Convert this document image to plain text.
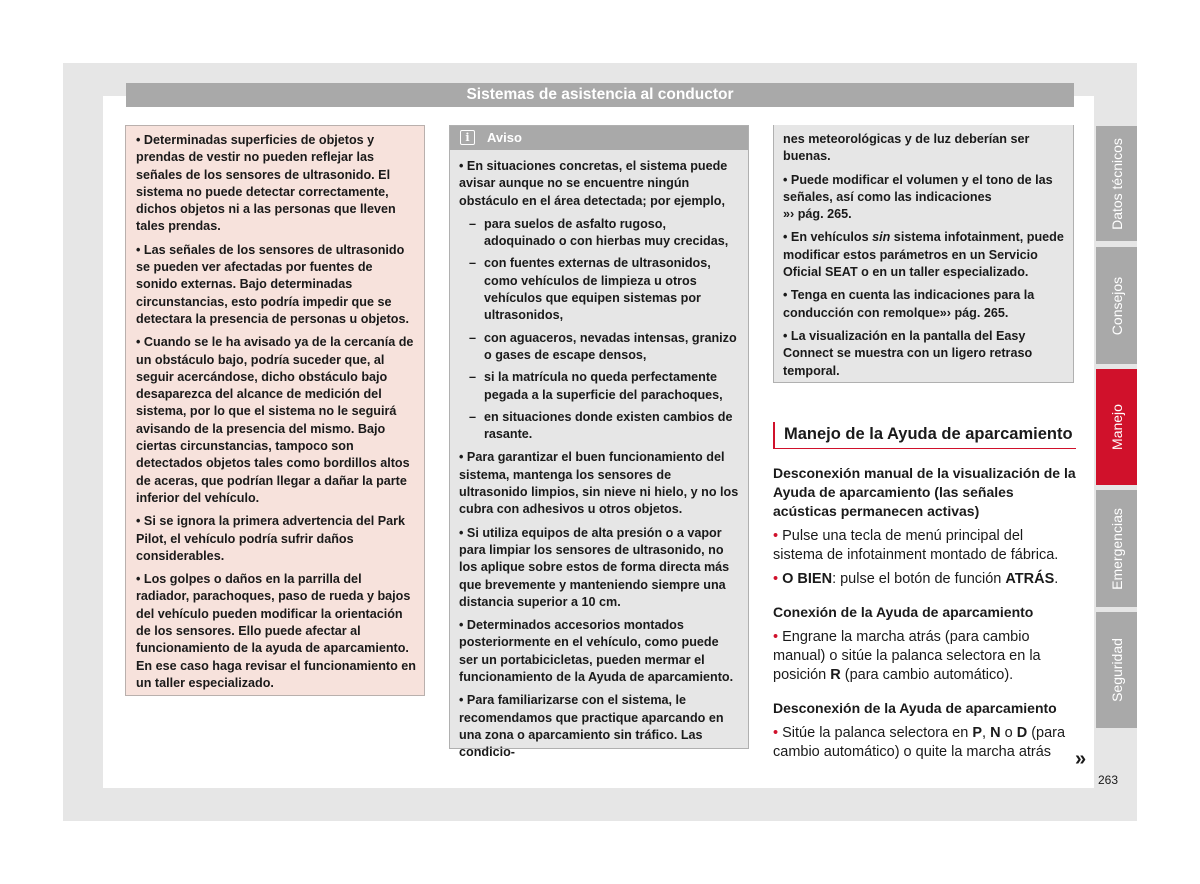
Sistemas de asistencia al conductor

• Determinadas superficies de objetos y prendas de vestir no pueden reflejar las señales de los sensores de ultrasonido. El sistema no puede detectar correctamente, dichos objetos ni a las personas que lleven tales prendas.

• Las señales de los sensores de ultrasonido se pueden ver afectadas por fuentes de sonido externas. Bajo determinadas circunstancias, esto podría impedir que se detectara la presencia de personas u objetos.

• Cuando se le ha avisado ya de la cercanía de un obstáculo bajo, podría suceder que, al seguir acercándose, dicho obstáculo bajo desaparezca del alcance de medición del sistema, por lo que el sistema no le seguirá avisando de la presencia del mismo. Bajo ciertas circunstancias, tampoco son detectados objetos tales como bordillos altos de aceras, que podrían llegar a dañar la parte inferior del vehículo.

• Si se ignora la primera advertencia del Park Pilot, el vehículo podría sufrir daños considerables.

• Los golpes o daños en la parrilla del radiador, parachoques, paso de rueda y bajos del vehículo pueden modificar la orientación de los sensores. Ello puede afectar al funcionamiento de la ayuda de aparcamiento. En ese caso haga revisar el funcionamiento en un taller especializado.

i Aviso

• En situaciones concretas, el sistema puede avisar aunque no se encuentre ningún obstáculo en el área detectada; por ejemplo,

– para suelos de asfalto rugoso, adoquinado o con hierbas muy crecidas,
– con fuentes externas de ultrasonidos, como vehículos de limpieza u otros vehículos que equipen sistemas por ultrasonidos,
– con aguaceros, nevadas intensas, granizo o gases de escape densos,
– si la matrícula no queda perfectamente pegada a la superficie del parachoques,
– en situaciones donde existen cambios de rasante.

• Para garantizar el buen funcionamiento del sistema, mantenga los sensores de ultrasonido limpios, sin nieve ni hielo, y no los cubra con adhesivos u otros objetos.

• Si utiliza equipos de alta presión o a vapor para limpiar los sensores de ultrasonido, no los aplique sobre estos de forma directa más que brevemente y manteniendo siempre una distancia superior a 10 cm.

• Determinados accesorios montados posteriormente en el vehículo, como puede ser un portabicicletas, pueden mermar el funcionamiento de la Ayuda de aparcamiento.

• Para familiarizarse con el sistema, le recomendamos que practique aparcando en una zona o aparcamiento sin tráfico. Las condicio-

nes meteorológicas y de luz deberían ser buenas.

• Puede modificar el volumen y el tono de las señales, así como las indicaciones
»› pág. 265.

• En vehículos sin sistema infotainment, puede modificar estos parámetros en un Servicio Oficial SEAT o en un taller especializado.

• Tenga en cuenta las indicaciones para la conducción con remolque»› pág. 265.

• La visualización en la pantalla del Easy Connect se muestra con un ligero retraso temporal.

Manejo de la Ayuda de aparcamiento
Desconexión manual de la visualización de la Ayuda de aparcamiento (las señales acústicas permanecen activas)

• Pulse una tecla de menú principal del sistema de infotainment montado de fábrica.

• O BIEN: pulse el botón de función ATRÁS.

Conexión de la Ayuda de aparcamiento

• Engrane la marcha atrás (para cambio manual) o sitúe la palanca selectora en la posición R (para cambio automático).

Desconexión de la Ayuda de aparcamiento

• Sitúe la palanca selectora en P, N o D (para cambio automático) o quite la marcha atrás	»
Datos técnicos
Consejos
Manejo
Emergencias
Seguridad
263
